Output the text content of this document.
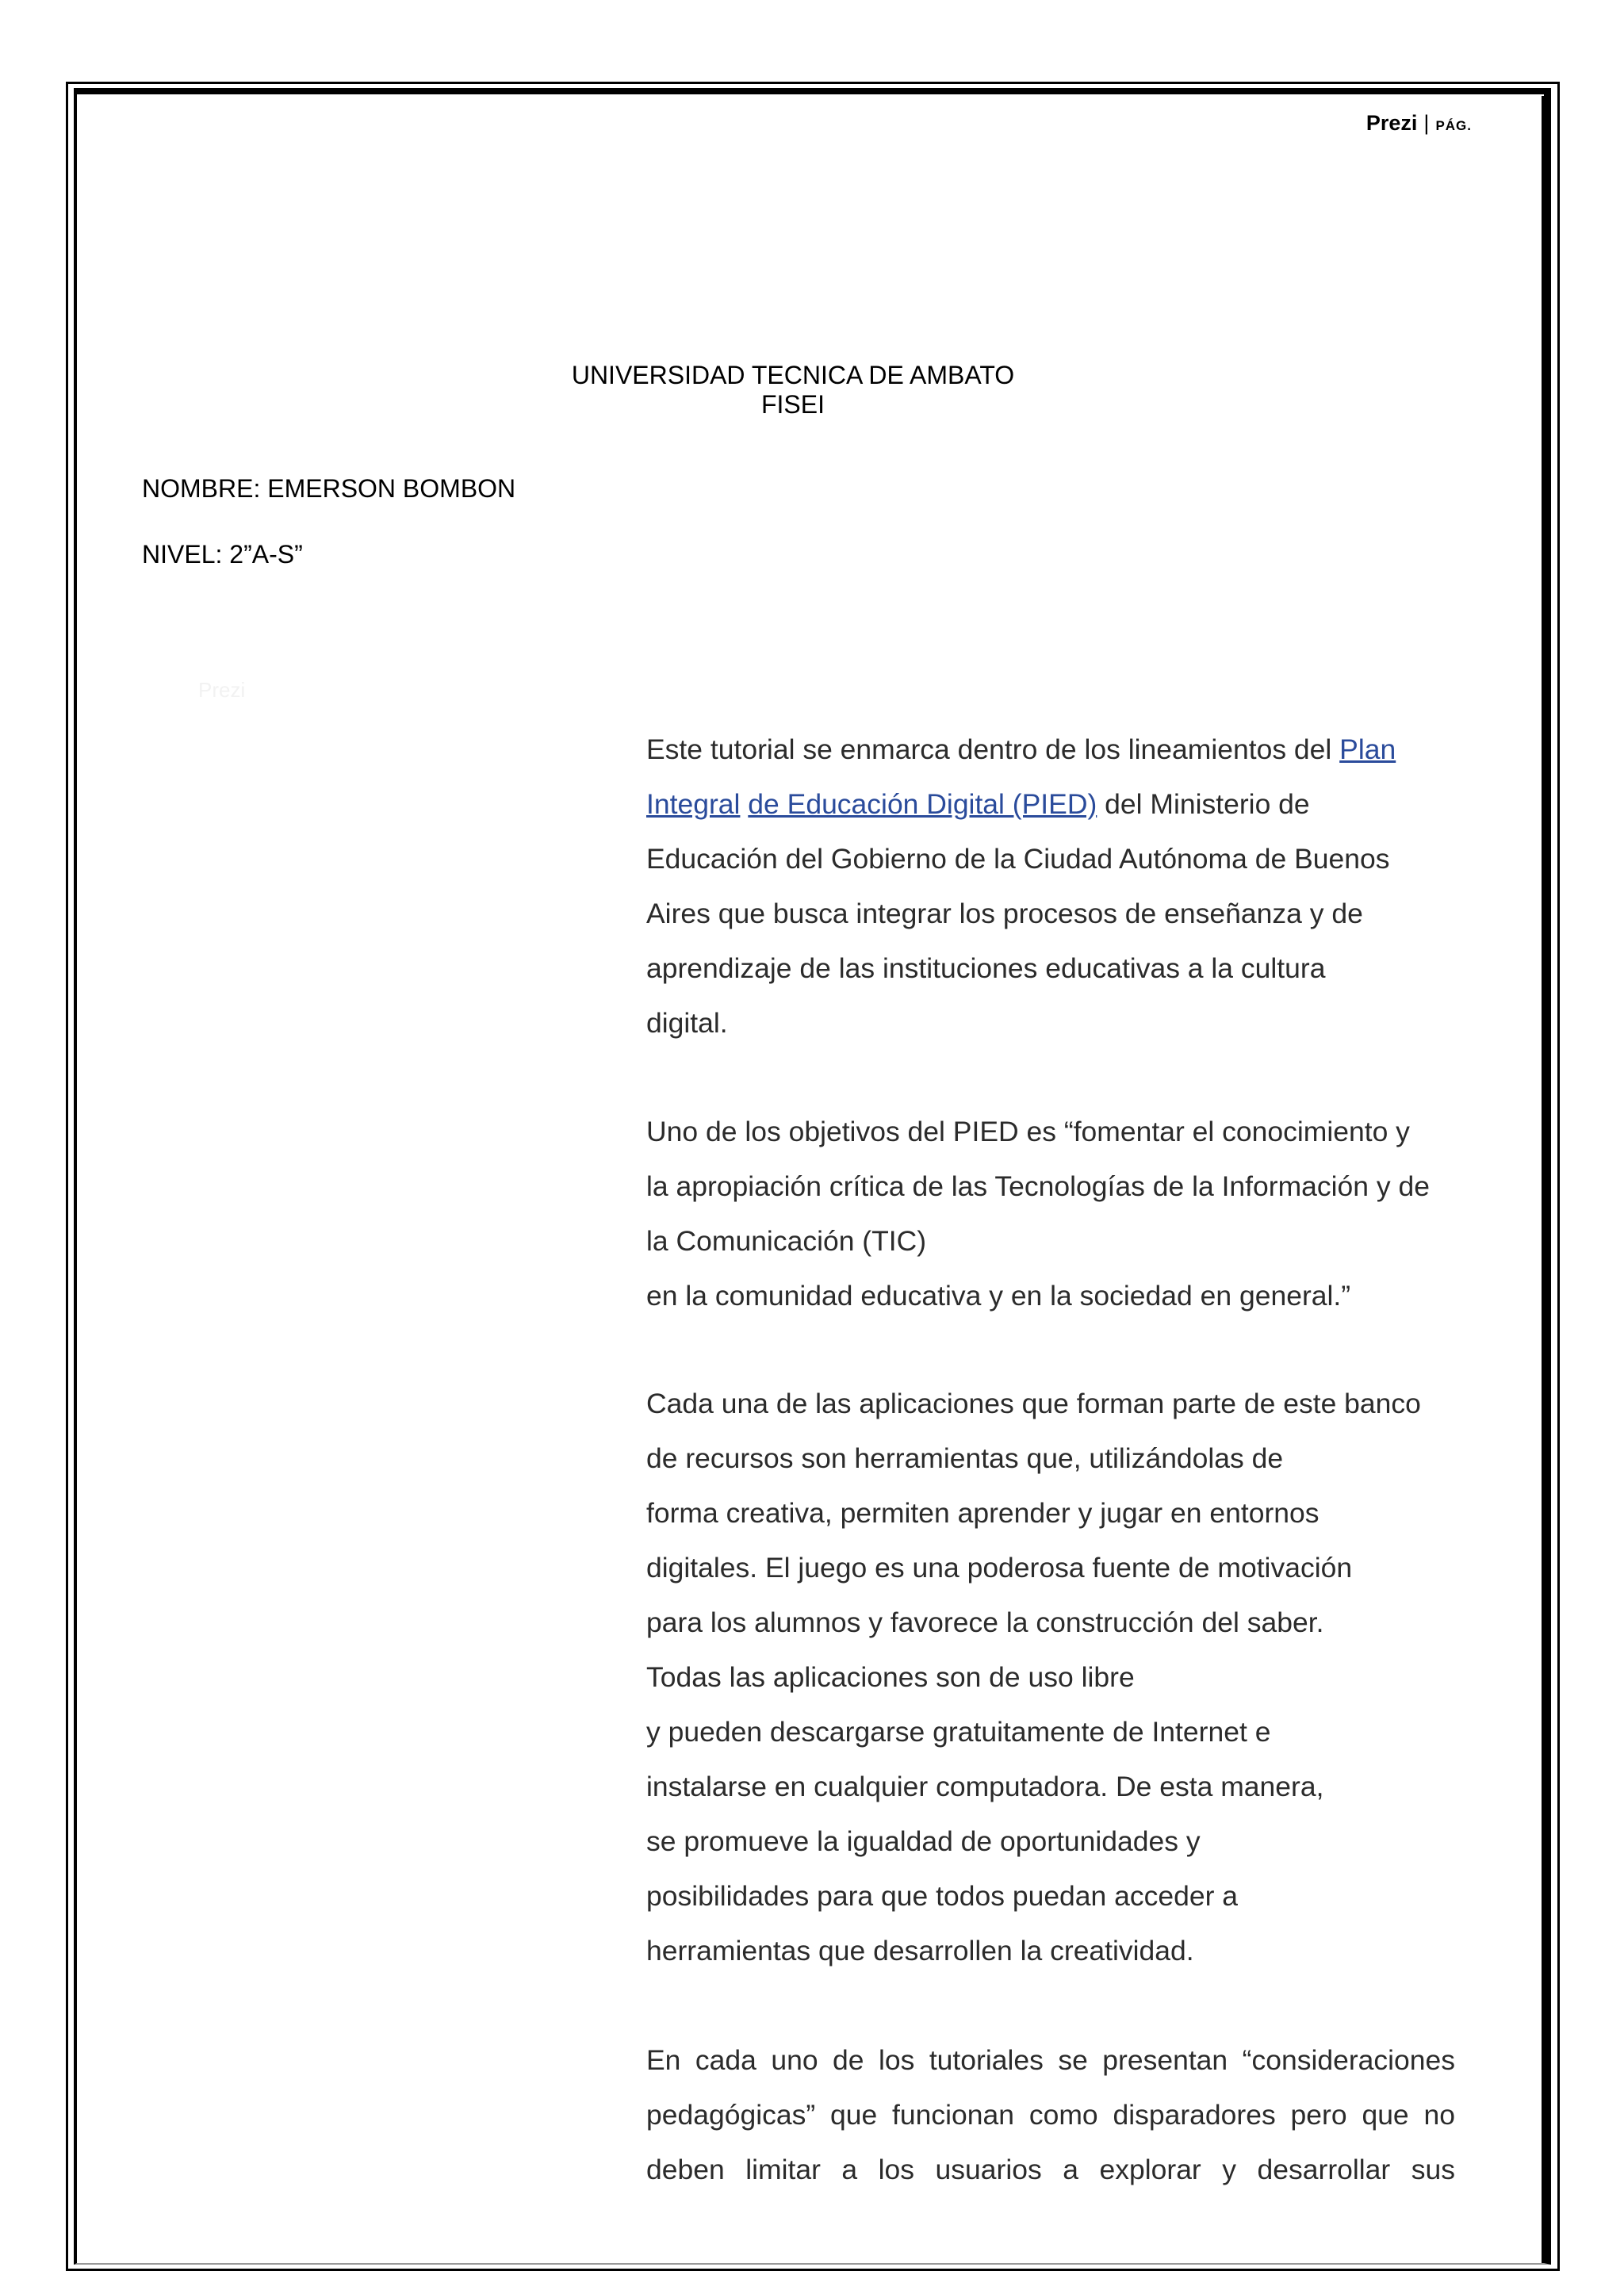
Prezi | PÁG.
UNIVERSIDAD TECNICA DE AMBATO
FISEI
NOMBRE: EMERSON BOMBON
NIVEL: 2”A-S”
Prezi
Este tutorial se enmarca dentro de los lineamientos del Plan
Integral de Educación Digital (PIED) del Ministerio de
Educación del Gobierno de la Ciudad Autónoma de Buenos
Aires que busca integrar los procesos de enseñanza y de
aprendizaje de las instituciones educativas a la cultura
digital.
Uno de los objetivos del PIED es “fomentar el conocimiento y
la apropiación crítica de las Tecnologías de la Información y de
la Comunicación (TIC)
en la comunidad educativa y en la sociedad en general.”
Cada una de las aplicaciones que forman parte de este banco
de recursos son herramientas que, utilizándolas de
forma creativa, permiten aprender y jugar en entornos
digitales. El juego es una poderosa fuente de motivación
para los alumnos y favorece la construcción del saber.
Todas las aplicaciones son de uso libre
y pueden descargarse gratuitamente de Internet e
instalarse en cualquier computadora. De esta manera,
se promueve la igualdad de oportunidades y
posibilidades para que todos puedan acceder a
herramientas que desarrollen la creatividad.
En cada uno de los tutoriales se presentan “consideraciones
pedagógicas” que funcionan como disparadores pero que no
deben limitar a los usuarios a explorar y desarrollar sus
